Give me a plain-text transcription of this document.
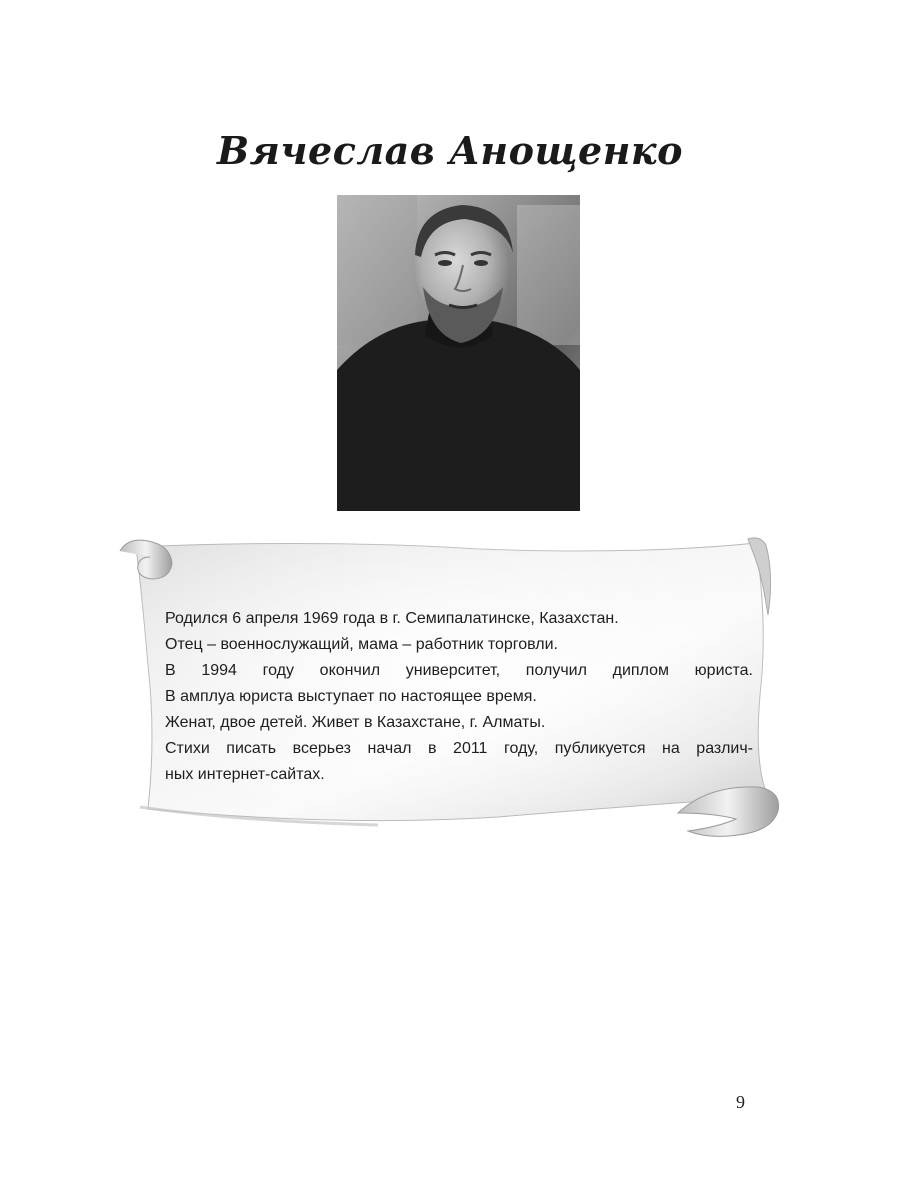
Вячеслав Анощенко
Родился 6 апреля 1969 года в г. Семипалатинске, Казахстан.
Отец – военнослужащий, мама – работник торговли.
В 1994 году окончил университет, получил диплом юриста.
В амплуа юриста выступает по настоящее время.
Женат, двое детей. Живет в Казахстане, г. Алматы.
Стихи писать всерьез начал в 2011 году, публикуется на различ-
ных интернет-сайтах.
9
